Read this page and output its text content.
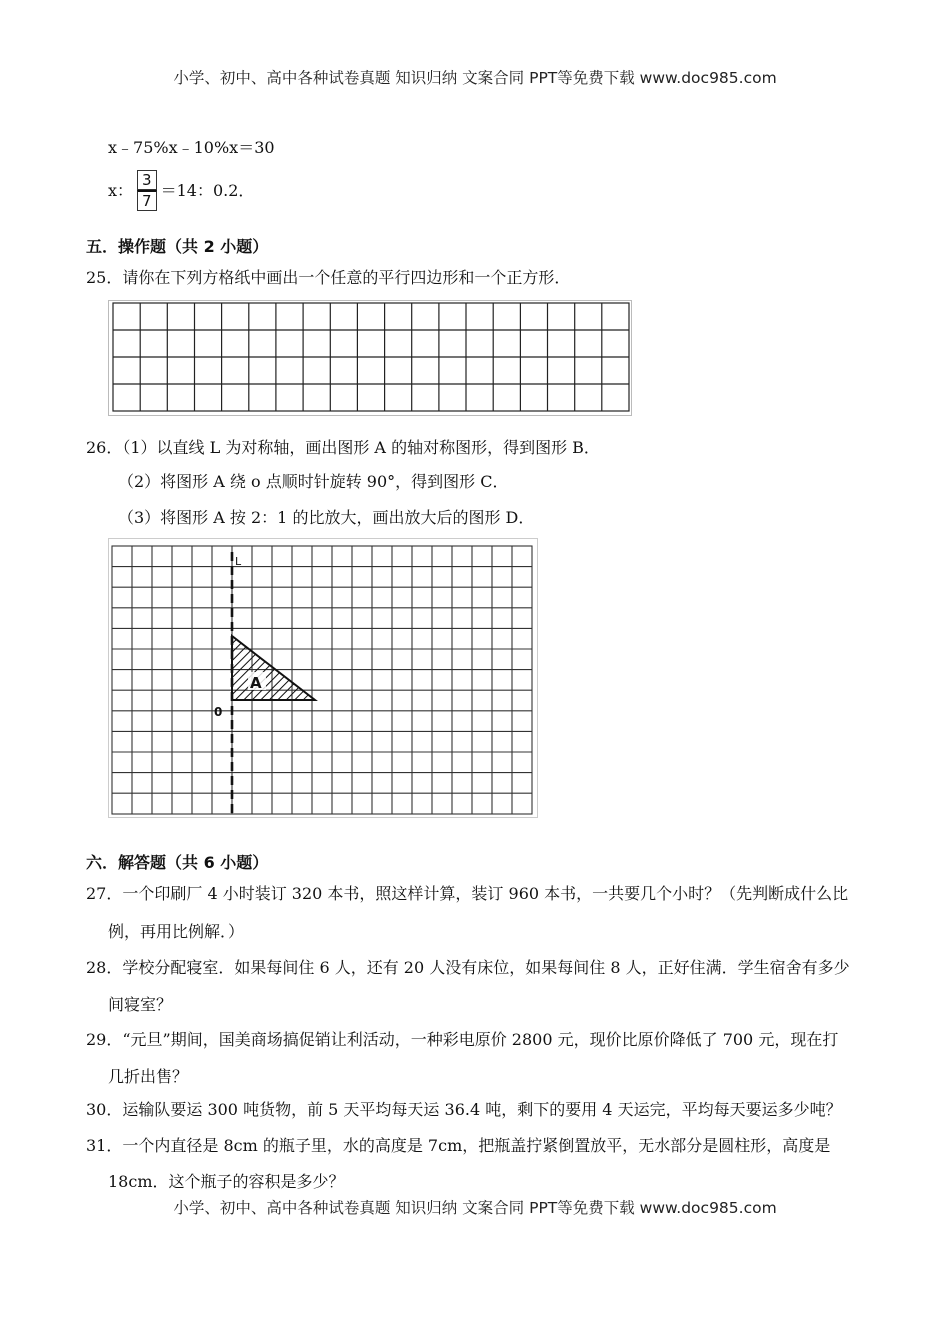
小学、初中、高中各种试卷真题 知识归纳 文案合同 PPT等免费下载 www.doc985.com
x﹣75%x﹣10%x＝30
x： $\frac{3}{7} =14$：0.2．
五．操作题（共 2 小题）
25．请你在下列方格纸中画出一个任意的平行四边形和一个正方形．
26．（1）以直线 L 为对称轴，画出图形 A 的轴对称图形，得到图形 B．
（2）将图形 A 绕 o 点顺时针旋转 90°，得到图形 C．
（3）将图形 A 按 2：1 的比放大，画出放大后的图形 D．
A
L
0
六．解答题（共 6 小题）
27．一个印刷厂 4 小时装订 320 本书，照这样计算，装订 960 本书，一共要几个小时？（先判断成什么比
例，再用比例解．）
28．学校分配寝室．如果每间住 6 人，还有 20 人没有床位，如果每间住 8 人，正好住满．学生宿舍有多少
间寝室？
29．“元旦”期间，国美商场搞促销让利活动，一种彩电原价 2800 元，现价比原价降低了 700 元，现在打
几折出售？
30．运输队要运 300 吨货物，前 5 天平均每天运 36.4 吨，剩下的要用 4 天运完，平均每天要运多少吨？
31．一个内直径是 8cm 的瓶子里，水的高度是 7cm，把瓶盖拧紧倒置放平，无水部分是圆柱形，高度是
18cm．这个瓶子的容积是多少？
小学、初中、高中各种试卷真题 知识归纳 文案合同 PPT等免费下载 www.doc985.com
